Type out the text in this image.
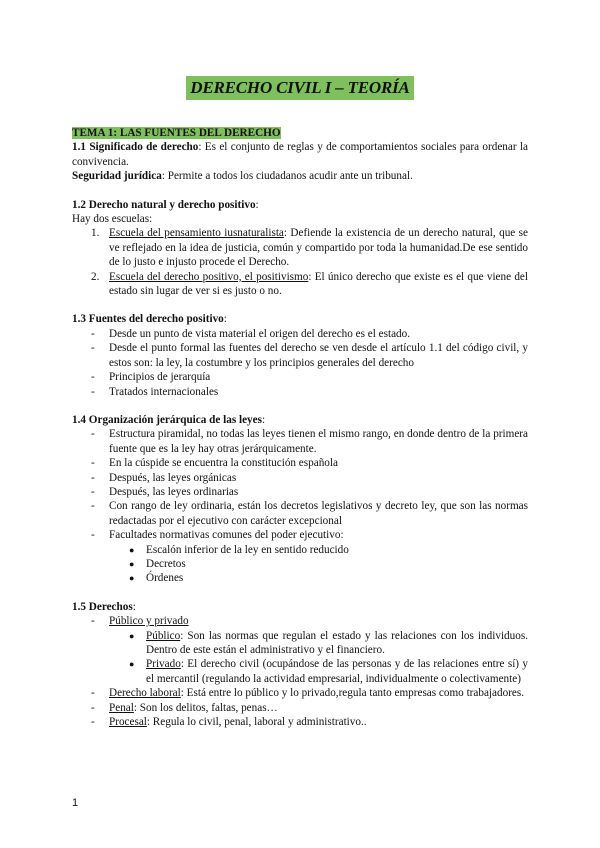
DERECHO CIVIL I – TEORÍA

TEMA 1: LAS FUENTES DEL DERECHO

1.1 Significado de derecho: Es el conjunto de reglas y de comportamientos sociales para ordenar la convivencia.

Seguridad jurídica: Permite a todos los ciudadanos acudir ante un tribunal.

1.2 Derecho natural y derecho positivo:

Hay dos escuelas:

1. Escuela del pensamiento iusnaturalista: Defiende la existencia de un derecho natural, que se ve reflejado en la idea de justicia, común y compartido por toda la humanidad.De ese sentido de lo justo e injusto procede el Derecho.
2. Escuela del derecho positivo, el positivismo: El único derecho que existe es el que viene del estado sin lugar de ver si es justo o no.

1.3 Fuentes del derecho positivo:

- Desde un punto de vista material el origen del derecho es el estado.
- Desde el punto formal las fuentes del derecho se ven desde el artículo 1.1 del código civil, y estos son: la ley, la costumbre y los principios generales del derecho
- Principios de jerarquía
- Tratados internacionales

1.4 Organización jerárquica de las leyes:

- Estructura piramidal, no todas las leyes tienen el mismo rango, en donde dentro de la primera fuente que es la ley hay otras jerárquicamente.
- En la cúspide se encuentra la constitución española
- Después, las leyes orgánicas
- Después, las leyes ordinarias
- Con rango de ley ordinaria, están los decretos legislativos y decreto ley, que son las normas redactadas por el ejecutivo con carácter excepcional
- Facultades normativas comunes del poder ejecutivo:
● Escalón inferior de la ley en sentido reducido
● Decretos
● Órdenes

1.5 Derechos:

- Público y privado
● Público: Son las normas que regulan el estado y las relaciones con los individuos. Dentro de este están el administrativo y el financiero.
● Privado: El derecho civil (ocupándose de las personas y de las relaciones entre sí) y el mercantil (regulando la actividad empresarial, individualmente o colectivamente)
- Derecho laboral: Está entre lo público y lo privado,regula tanto empresas como trabajadores.
- Penal: Son los delitos, faltas, penas…
- Procesal: Regula lo civil, penal, laboral y administrativo..
1
